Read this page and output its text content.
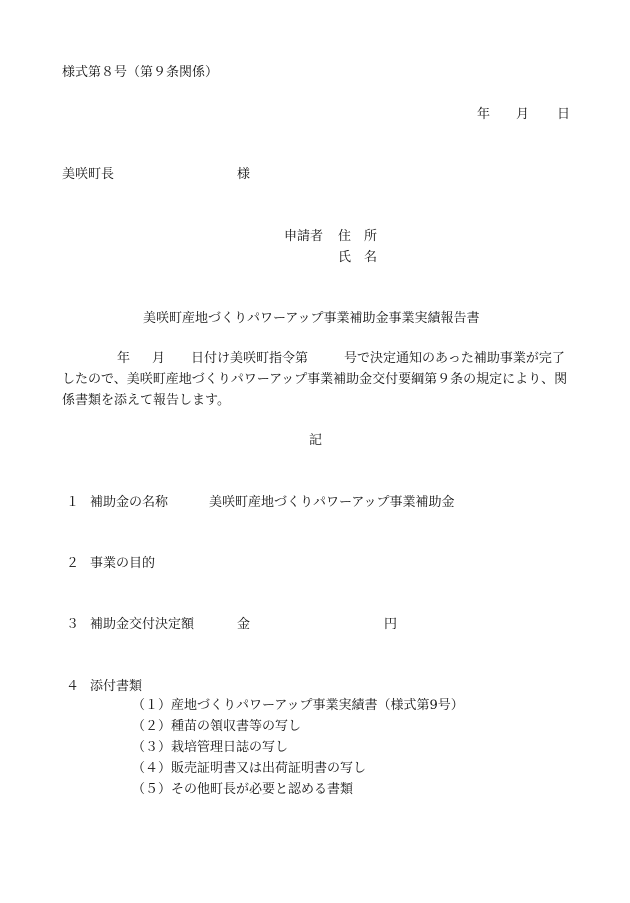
様式第８号（第９条関係）
年 月 日
美咲町長	様
申請者 住　所
氏　名
美咲町産地づくりパワーアップ事業補助金事業実績報告書
年 月 日付け美咲町指令第	号で決定通知のあった補助事業が完了したので、美咲町産地づくりパワーアップ事業補助金交付要綱第９条の規定により、関係書類を添えて報告します。
記
１ 補助金の名称	美咲町産地づくりパワーアップ事業補助金
２ 事業の目的
３ 補助金交付決定額	金	円
４ 添付書類
（１）産地づくりパワーアップ事業実績書（様式第9号）
（２）種苗の領収書等の写し
（３）栽培管理日誌の写し
（４）販売証明書又は出荷証明書の写し
（５）その他町長が必要と認める書類
